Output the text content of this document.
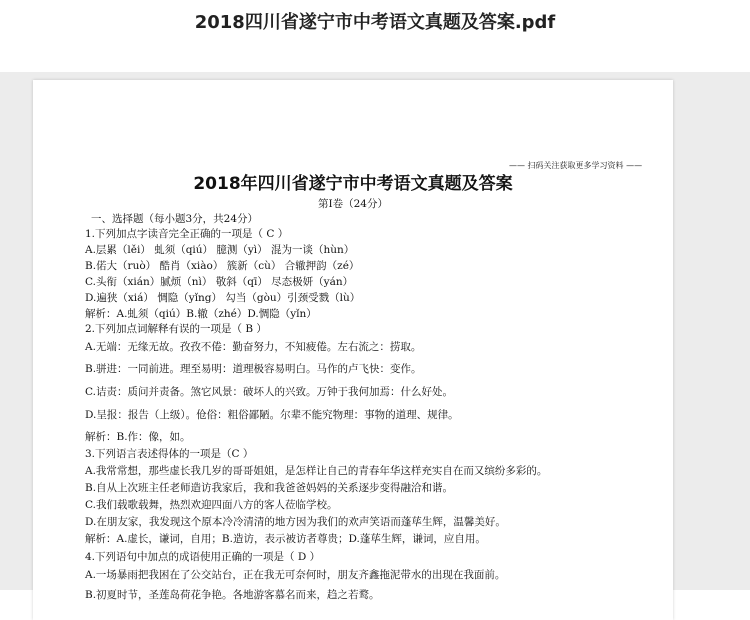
2018四川省遂宁市中考语文真题及答案.pdf
—— 扫码关注获取更多学习资料 ——
2018年四川省遂宁市中考语文真题及答案
第Ⅰ卷（24分）
一、选择题（每小题3分，共24分）
1.下列加点字读音完全正确的一项是（ C ）
A.层累（lěi） 虬须（qiú） 臆测（yì） 混为一谈（hùn）
B.偌大（ruò） 酷肖（xiào） 簇新（cù） 合辙押韵（zé）
C.头衔（xián）腻烦（nì） 敬斜（qī） 尽态极妍（yán）
D.遍狭（xiá） 惆隐（yǐng） 勾当（gòu）引颈受戮（lù）
解析：A.虬须（qiú）B.辙（zhé）D.惆隐（yǐn）
2.下列加点词解释有误的一项是（ B ）
A.无端：无缘无故。孜孜不倦：勤奋努力，不知疲倦。左右流之：捞取。
B.骈进：一同前进。理至易明：道理极容易明白。马作的卢飞快：变作。
C.诘责：质问并责备。煞它风景：破坏人的兴致。万钟于我何加焉：什么好处。
D.呈报：报告（上级）。伧俗：粗俗鄙陋。尔辈不能究物理：事物的道理、规律。
解析：B.作：像，如。
3.下列语言表述得体的一项是（C ）
A.我常常想，那些虚长我几岁的哥哥姐姐，是怎样让自己的青春年华这样充实自在而又缤纷多彩的。
B.自从上次班主任老师造访我家后，我和我爸爸妈妈的关系逐步变得融洽和谐。
C.我们载歌载舞，热烈欢迎四面八方的客人莅临学校。
D.在朋友家，我发现这个原本冷冷清清的地方因为我们的欢声笑语而蓬荜生辉，温馨美好。
解析：A.虚长，谦词，自用；B.造访，表示被访者尊贵；D.蓬荜生辉，谦词，应自用。
4.下列语句中加点的成语使用正确的一项是（ D ）
A.一场暴雨把我困在了公交站台，正在我无可奈何时，朋友齐鑫拖泥带水的出现在我面前。
B.初夏时节，圣莲岛荷花争艳。各地游客慕名而来，趋之若鹜。
